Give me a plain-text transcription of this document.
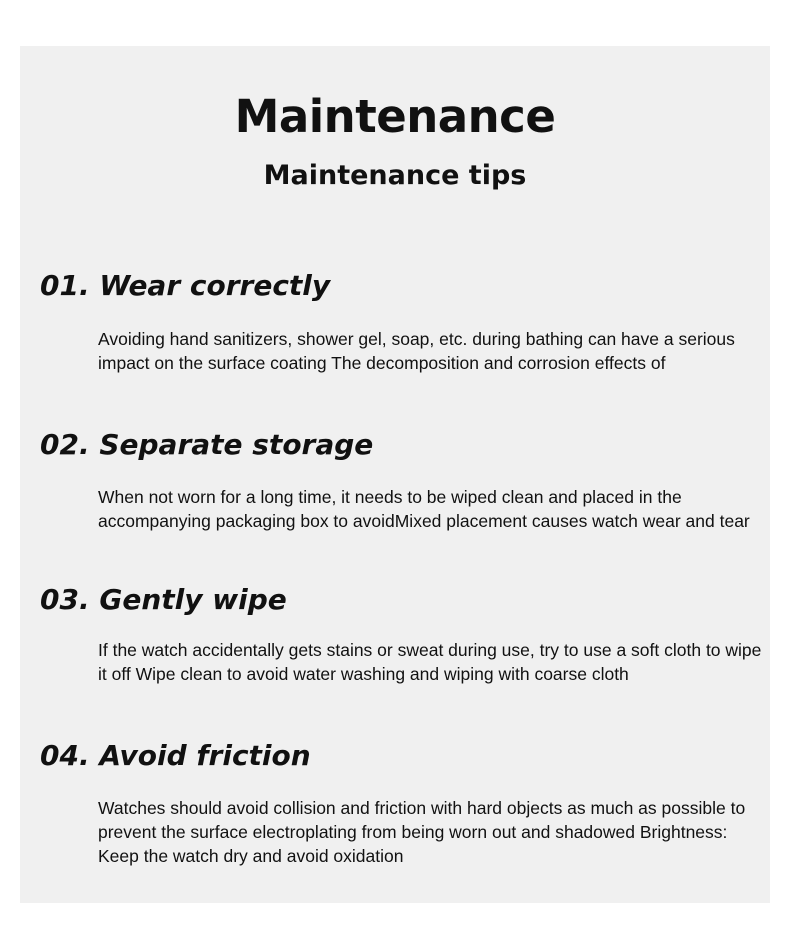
Maintenance
Maintenance tips
01. Wear correctly

Avoiding hand sanitizers, shower gel, soap, etc. during bathing can have a serious impact on the surface coating The decomposition and corrosion effects of

02. Separate storage

When not worn for a long time, it needs to be wiped clean and placed in the accompanying packaging box to avoidMixed placement causes watch wear and tear

03. Gently wipe

If the watch accidentally gets stains or sweat during use, try to use a soft cloth to wipe it off Wipe clean to avoid water washing and wiping with coarse cloth

04. Avoid friction

Watches should avoid collision and friction with hard objects as much as possible to prevent the surface electroplating from being worn out and shadowed Brightness: Keep the watch dry and avoid oxidation
